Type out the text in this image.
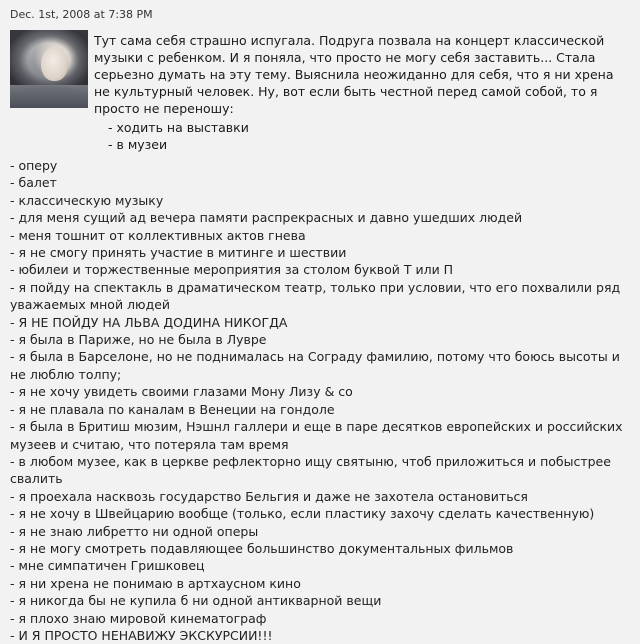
Dec. 1st, 2008 at 7:38 PM

Тут сама себя страшно испугала. Подруга позвала на концерт классической музыки с ребенком. И я поняла, что просто не могу себя заставить... Стала серьезно думать на эту тему. Выяснила неожиданно для себя, что я ни хрена не культурный человек. Ну, вот если быть честной перед самой собой, то я просто не переношу:

- ходить на выставки
- в музеи
- оперу
- балет
- классическую музыку
- для меня сущий ад вечера памяти распрекрасных и давно ушедших людей
- меня тошнит от коллективных актов гнева
- я не смогу принять участие в митинге и шествии
- юбилеи и торжественные мероприятия за столом буквой Т или П
- я пойду на спектакль в драматическом театр, только при условии, что его похвалили ряд уважаемых мной людей
- Я НЕ ПОЙДУ НА ЛЬВА ДОДИНА НИКОГДА
- я была в Париже, но не была в Лувре
- я была в Барселоне, но не поднималась на Сограду фамилию, потому что боюсь высоты и не люблю толпу;
- я не хочу увидеть своими глазами Мону Лизу & co
- я не плавала по каналам в Венеции на гондоле
- я была в Бритиш мюзим, Нэшнл галлери и еще в паре десятков европейских и российских музеев и считаю, что потеряла там время
- в любом музее, как в церкве рефлекторно ищу святыню, чтоб приложиться и побыстрее свалить
- я проехала насквозь государство Бельгия и даже не захотела остановиться
- я не хочу в Швейцарию вообще (только, если пластику захочу сделать качественную)
- я не знаю либретто ни одной оперы
- я не могу смотреть подавляющее большинство документальных фильмов
- мне симпатичен Гришковец
- я ни хрена не понимаю в артхаусном кино
- я никогда бы не купила б ни одной антикварной вещи
- я плохо знаю мировой кинематограф
- И Я ПРОСТО НЕНАВИЖУ ЭКСКУРСИИ!!!
